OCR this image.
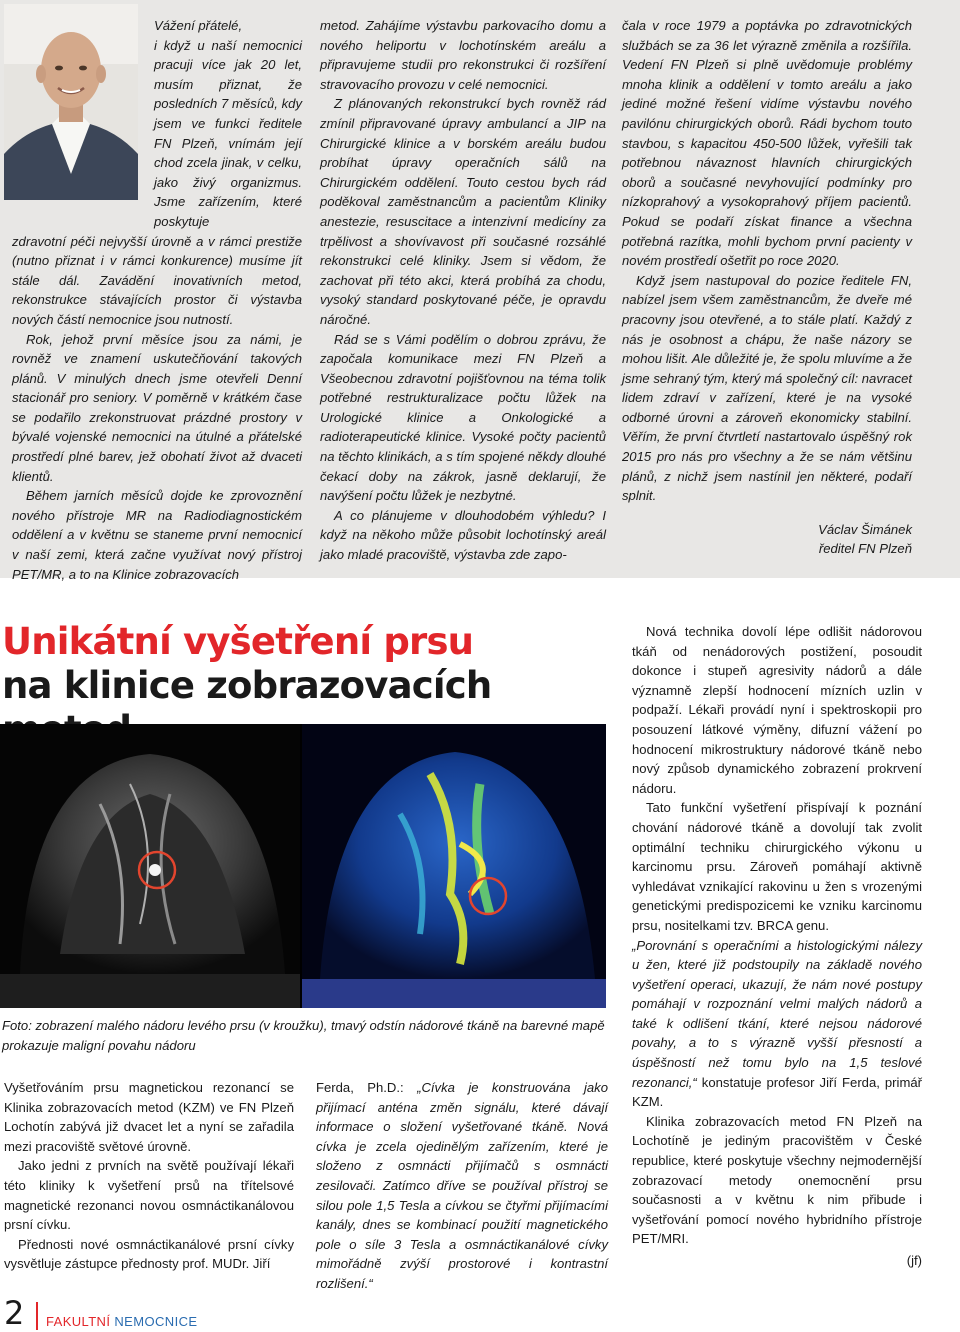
Vážení přátelé,

i když u naší nemocnici pracuji více jak 20 let, musím přiznat, že posledních 7 měsíců, kdy jsem ve funkci ředitele FN Plzeň, vnímám její chod zcela jinak, v celku, jako živý organizmus. Jsme zařízením, které poskytuje

zdravotní péči nejvyšší úrovně a v rámci prestiže (nutno přiznat i v rámci konkurence) musíme jít stále dál. Zavádění inovativních metod, rekonstrukce stávajících prostor či výstavba nových částí nemocnice jsou nutností.

Rok, jehož první měsíce jsou za námi, je rovněž ve znamení uskutečňování takových plánů. V minulých dnech jsme otevřeli Denní stacionář pro seniory. V poměrně v krátkém čase se podařilo zrekonstruovat prázdné prostory v bývalé vojenské nemocnici na útulné a přátelské prostředí plné barev, jež obohatí život až dvaceti klientů.

Během jarních měsíců dojde ke zprovoznění nového přístroje MR na Radiodiagnostickém oddělení a v květnu se staneme první nemocnicí v naší zemi, která začne využívat nový přístroj PET/MR, a to na Klinice zobrazovacích

metod. Zahájíme výstavbu parkovacího domu a nového heliportu v lochotínském areálu a připravujeme studii pro rekonstrukci či rozšíření stravovacího provozu v celé nemocnici.

Z plánovaných rekonstrukcí bych rovněž rád zmínil připravované úpravy ambulancí a JIP na Chirurgické klinice a v borském areálu budou probíhat úpravy operačních sálů na Chirurgickém oddělení. Touto cestou bych rád poděkoval zaměstnancům a pacientům Kliniky anestezie, resuscitace a intenzivní medicíny za trpělivost a shovívavost při současné rozsáhlé rekonstrukci celé kliniky. Jsem si vědom, že zachovat při této akci, která probíhá za chodu, vysoký standard poskytované péče, je opravdu náročné.

Rád se s Vámi podělím o dobrou zprávu, že započala komunikace mezi FN Plzeň a Všeobecnou zdravotní pojišťovnou na téma tolik potřebné restrukturalizace počtu lůžek na Urologické klinice a Onkologické a radioterapeutické klinice. Vysoké počty pacientů na těchto klinikách, a s tím spojené někdy dlouhé čekací doby na zákrok, jasně deklarují, že navýšení počtu lůžek je nezbytné.

A co plánujeme v dlouhodobém výhledu? I když na někoho může působit lochotínský areál jako mladé pracoviště, výstavba zde zapo-

čala v roce 1979 a poptávka po zdravotnických službách se za 36 let výrazně změnila a rozšířila. Vedení FN Plzeň si plně uvědomuje problémy mnoha klinik a oddělení v tomto areálu a jako jediné možné řešení vidíme výstavbu nového pavilónu chirurgických oborů. Rádi bychom touto stavbou, s kapacitou 450-500 lůžek, vyřešili tak potřebnou návaznost hlavních chirurgických oborů a současné nevyhovující podmínky pro nízkoprahový a vysokoprahový příjem pacientů. Pokud se podaří získat finance a všechna potřebná razítka, mohli bychom první pacienty v novém prostředí ošetřit po roce 2020.

Když jsem nastupoval do pozice ředitele FN, nabízel jsem všem zaměstnancům, že dveře mé pracovny jsou otevřené, a to stále platí. Každý z nás je osobnost a chápu, že naše názory se mohou lišit. Ale důležité je, že spolu mluvíme a že jsme sehraný tým, který má společný cíl: navracet lidem zdraví v zařízení, které je na vysoké odborné úrovni a zároveň ekonomicky stabilní. Věřím, že první čtvrtletí nastartovalo úspěšný rok 2015 pro nás pro všechny a že se nám většinu plánů, z nichž jsem nastínil jen některé, podaří splnit.

Václav Šimánek

ředitel FN Plzeň

Unikátní vyšetření prsu
na klinice zobrazovacích

Foto: zobrazení malého nádoru levého prsu (v kroužku), tmavý odstín nádorové tkáně na barevné mapě prokazuje maligní povahu nádoru

Vyšetřováním prsu magnetickou rezonancí se Klinika zobrazovacích metod (KZM) ve FN Plzeň Lochotín zabývá již dvacet let a nyní se zařadila mezi pracoviště světové úrovně.

Jako jedni z prvních na světě používají lékaři této kliniky k vyšetření prsů na třítelsové magnetické rezonanci novou osmnáctikanálovou prsní cívku.

Přednosti nové osmnáctikanálové prsní cívky vysvětluje zástupce přednosty prof. MUDr. Jiří

Ferda, Ph.D.: „Cívka je konstruována jako přijímací anténa změn signálu, které dávají informace o složení vyšetřované tkáně. Nová cívka je zcela ojedinělým zařízením, které je složeno z osmnácti přijímačů s osmnácti zesilovači. Zatímco dříve se používal přístroj se silou pole 1,5 Tesla a cívkou se čtyřmi přijímacími kanály, dnes se kombinací použití magnetického pole o síle 3 Tesla a osmnáctikanálové cívky mimořádně zvýší prostorové i kontrastní rozlišení.“

Nová technika dovolí lépe odlišit nádorovou tkáň od nenádorových postižení, posoudit dokonce i stupeň agresivity nádorů a dále významně zlepší hodnocení mízních uzlin v podpaží. Lékaři provádí nyní i spektroskopii pro posouzení látkové výměny, difuzní vážení po hodnocení mikrostruktury nádorové tkáně nebo nový způsob dynamického zobrazení prokrvení nádoru.

Tato funkční vyšetření přispívají k poznání chování nádorové tkáně a dovolují tak zvolit optimální techniku chirurgického výkonu u karcinomu prsu. Zároveň pomáhají aktivně vyhledávat vznikající rakovinu u žen s vrozenými genetickými predispozicemi ke vzniku karcinomu prsu, nositelkami tzv. BRCA genu.

„Porovnání s operačními a histologickými nálezy u žen, které již podstoupily na základě nového vyšetření operaci, ukazují, že nám nové postupy pomáhají v rozpoznání velmi malých nádorů a také k odlišení tkání, které nejsou nádorové povahy, a to s výrazně vyšší přesností a úspěšností než tomu bylo na 1,5 teslové rezonanci,“ konstatuje profesor Jiří Ferda, primář KZM.

Klinika zobrazovacích metod FN Plzeň na Lochotíně je jediným pracovištěm v České republice, které poskytuje všechny nejmodernější zobrazovací metody onemocnění prsu současnosti a v květnu k nim přibude i vyšetřování pomocí nového hybridního přístroje PET/MRI.

(jf)

2 FAKULTNÍ NEMOCNICE
